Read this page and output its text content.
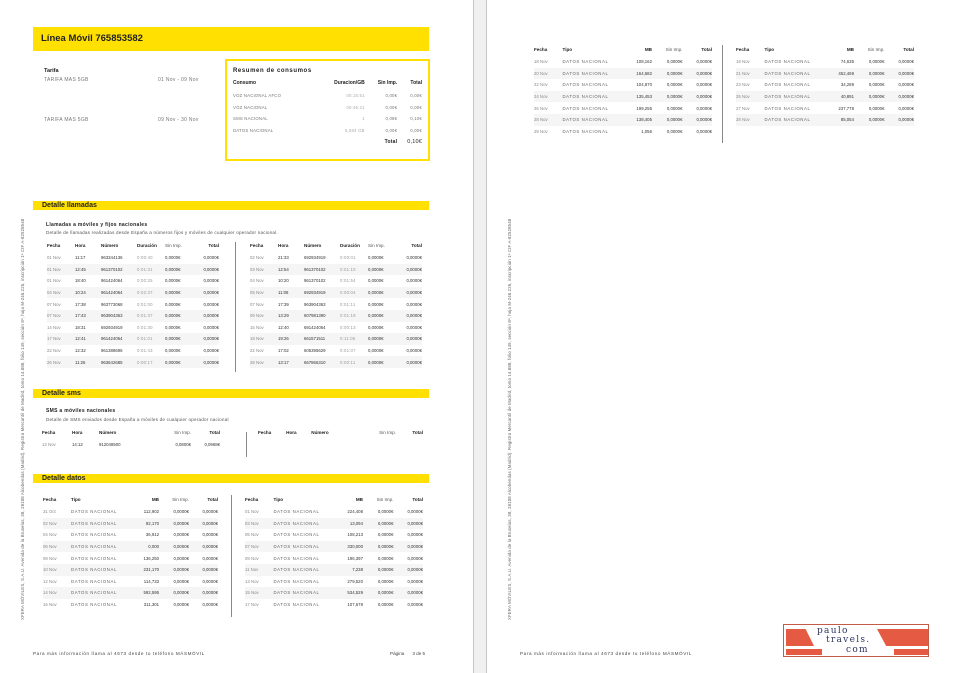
XFERA MÓVILES, S.A.U. Avenida de la Bruselas, 38, 28108 Alcobendas (Madrid). Registro Mercantil de Madrid, tomo 14.888, folio 149, sección 8ª, hoja M-246.226, inscripción 1ª CIF A-82528548
Línea Móvil 765853582
Tarifa
TARIFA MAS 5GB	01 Nov - 09 Nov
TARIFA MAS 5GB	09 Nov - 30 Nov
Resumen de consumos
Consumo	Duracion/GB	Sin Imp.	Total
VOZ NACIONAL AFCO	00:15:51	0,00€	0,00€
VOZ NACIONAL	00:45:21	0,00€	0,00€
SMS NACIONAL	1	0,08€	0,10€
DATOS NACIONAL	5,084 GB	0,00€	0,00€
		Total	0,10€
Detalle llamadas
Llamadas a móviles y fijos nacionales
Detalle de llamadas realizadas desde España a números fijos y móviles de cualquier operador nacional.
Fecha	Hora	Número	Duración	Sin Imp.	Total
01 Nov	11:17	963344136	0:00:40	0,0000€	0,0000€
01 Nov	12:45	961370102	0:01:31	0,0000€	0,0000€
01 Nov	18:40	961424064	0:00:25	0,0000€	0,0000€
04 Nov	10:24	961424064	0:02:37	0,0000€	0,0000€
07 Nov	17:38	963773068	0:01:00	0,0000€	0,0000€
07 Nov	17:43	963904363	0:01:37	0,0000€	0,0000€
14 Nov	18:31	692934919	0:01:30	0,0000€	0,0000€
17 Nov	12:41	961424064	0:01:01	0,0000€	0,0000€
22 Nov	12:32	961388696	0:01:43	0,0000€	0,0000€
26 Nov	11:26	963642685	0:00:17	0,0000€	0,0000€
Fecha	Hora	Número	Duración	Sin Imp.	Total
02 Nov	21:33	692934919	0:00:01	0,0000€	0,0000€
03 Nov	12:54	961370102	0:01:10	0,0000€	0,0000€
04 Nov	10:20	961370102	0:01:54	0,0000€	0,0000€
05 Nov	11:08	692934919	0:00:04	0,0000€	0,0000€
07 Nov	17:39	963904363	0:01:11	0,0000€	0,0000€
09 Nov	13:29	607981390	0:01:19	0,0000€	0,0000€
15 Nov	12:40	691424064	0:00:13	0,0000€	0,0000€
18 Nov	19:26	661571511	0:11:06	0,0000€	0,0000€
22 Nov	17:02	605395629	0:01:07	0,0000€	0,0000€
28 Nov	13:17	667866310	0:00:11	0,0000€	0,0000€
Detalle sms
SMS a móviles nacionales
Detalle de SMS enviados desde España a móviles de cualquier operador nacional
Fecha	Hora	Número	Sin Imp.	Total
13 Nov	14:12	912048500	0,0800€	0,0968€
Fecha	Hora	Número	Sin Imp.	Total
Detalle datos
Fecha	Tipo	MB	Sin Imp.	Total
31 Oct	DATOS NACIONAL	112,902	0,0000€	0,0000€
02 Nov	DATOS NACIONAL	92,170	0,0000€	0,0000€
04 Nov	DATOS NACIONAL	36,912	0,0000€	0,0000€
06 Nov	DATOS NACIONAL	0,000	0,0000€	0,0000€
08 Nov	DATOS NACIONAL	136,250	0,0000€	0,0000€
10 Nov	DATOS NACIONAL	231,170	0,0000€	0,0000€
12 Nov	DATOS NACIONAL	114,733	0,0000€	0,0000€
14 Nov	DATOS NACIONAL	592,595	0,0000€	0,0000€
16 Nov	DATOS NACIONAL	311,301	0,0000€	0,0000€
Fecha	Tipo	MB	Sin Imp.	Total
01 Nov	DATOS NACIONAL	224,408	0,0000€	0,0000€
03 Nov	DATOS NACIONAL	13,094	0,0000€	0,0000€
05 Nov	DATOS NACIONAL	108,213	0,0000€	0,0000€
07 Nov	DATOS NACIONAL	330,000	0,0000€	0,0000€
09 Nov	DATOS NACIONAL	196,397	0,0000€	0,0000€
11 Nov	DATOS NACIONAL	7,238	0,0000€	0,0000€
13 Nov	DATOS NACIONAL	279,520	0,0000€	0,0000€
15 Nov	DATOS NACIONAL	534,529	0,0000€	0,0000€
17 Nov	DATOS NACIONAL	107,678	0,0000€	0,0000€
Para más información llama al 4673 desde tu teléfono MÁSMÓVIL	Página 3 de 5
XFERA MÓVILES, S.A.U. Avenida de la Bruselas, 38, 28108 Alcobendas (Madrid). Registro Mercantil de Madrid, tomo 14.888, folio 149, sección 8ª, hoja M-246.226, inscripción 1ª CIF A-82528548
Fecha	Tipo	MB	Sin Imp.	Total
18 Nov	DATOS NACIONAL	108,162	0,0000€	0,0000€
20 Nov	DATOS NACIONAL	164,682	0,0000€	0,0000€
22 Nov	DATOS NACIONAL	104,870	0,0000€	0,0000€
24 Nov	DATOS NACIONAL	135,453	0,0000€	0,0000€
26 Nov	DATOS NACIONAL	199,255	0,0000€	0,0000€
28 Nov	DATOS NACIONAL	138,405	0,0000€	0,0000€
29 Nov	DATOS NACIONAL	1,056	0,0000€	0,0000€
Fecha	Tipo	MB	Sin Imp.	Total
19 Nov	DATOS NACIONAL	74,635	0,0000€	0,0000€
21 Nov	DATOS NACIONAL	452,469	0,0000€	0,0000€
23 Nov	DATOS NACIONAL	34,289	0,0000€	0,0000€
25 Nov	DATOS NACIONAL	40,891	0,0000€	0,0000€
27 Nov	DATOS NACIONAL	237,778	0,0000€	0,0000€
28 Nov	DATOS NACIONAL	85,054	0,0000€	0,0000€
Para más información llama al 4673 desde tu teléfono MÁSMÓVIL
paulo
travels.
com
